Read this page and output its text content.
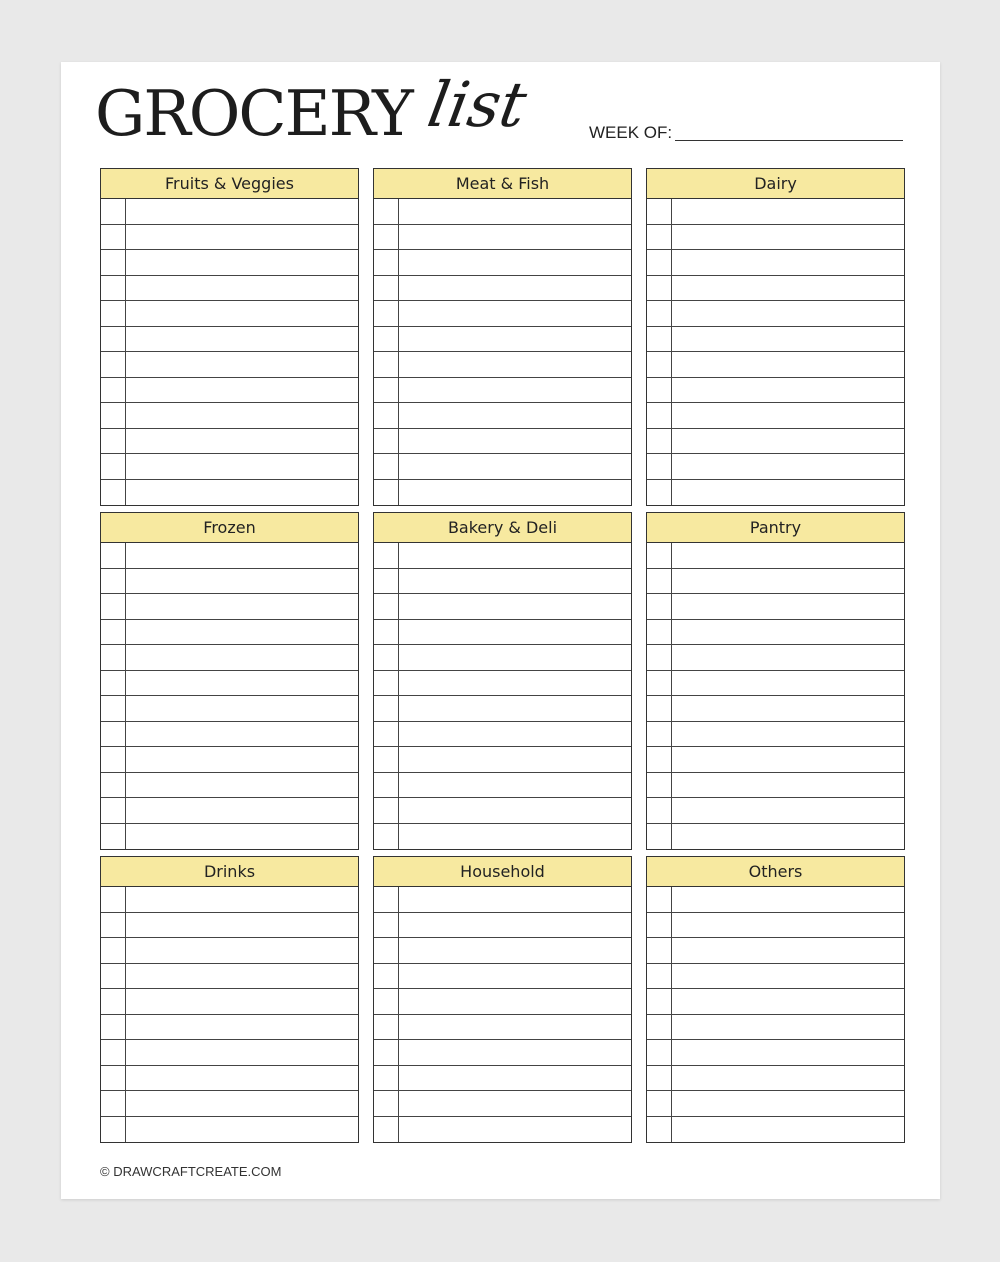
GROCERY list	WEEK OF:
Fruits & Veggies	Meat & Fish	Dairy
Frozen	Bakery & Deli	Pantry
Drinks	Household	Others
© DRAWCRAFTCREATE.COM
